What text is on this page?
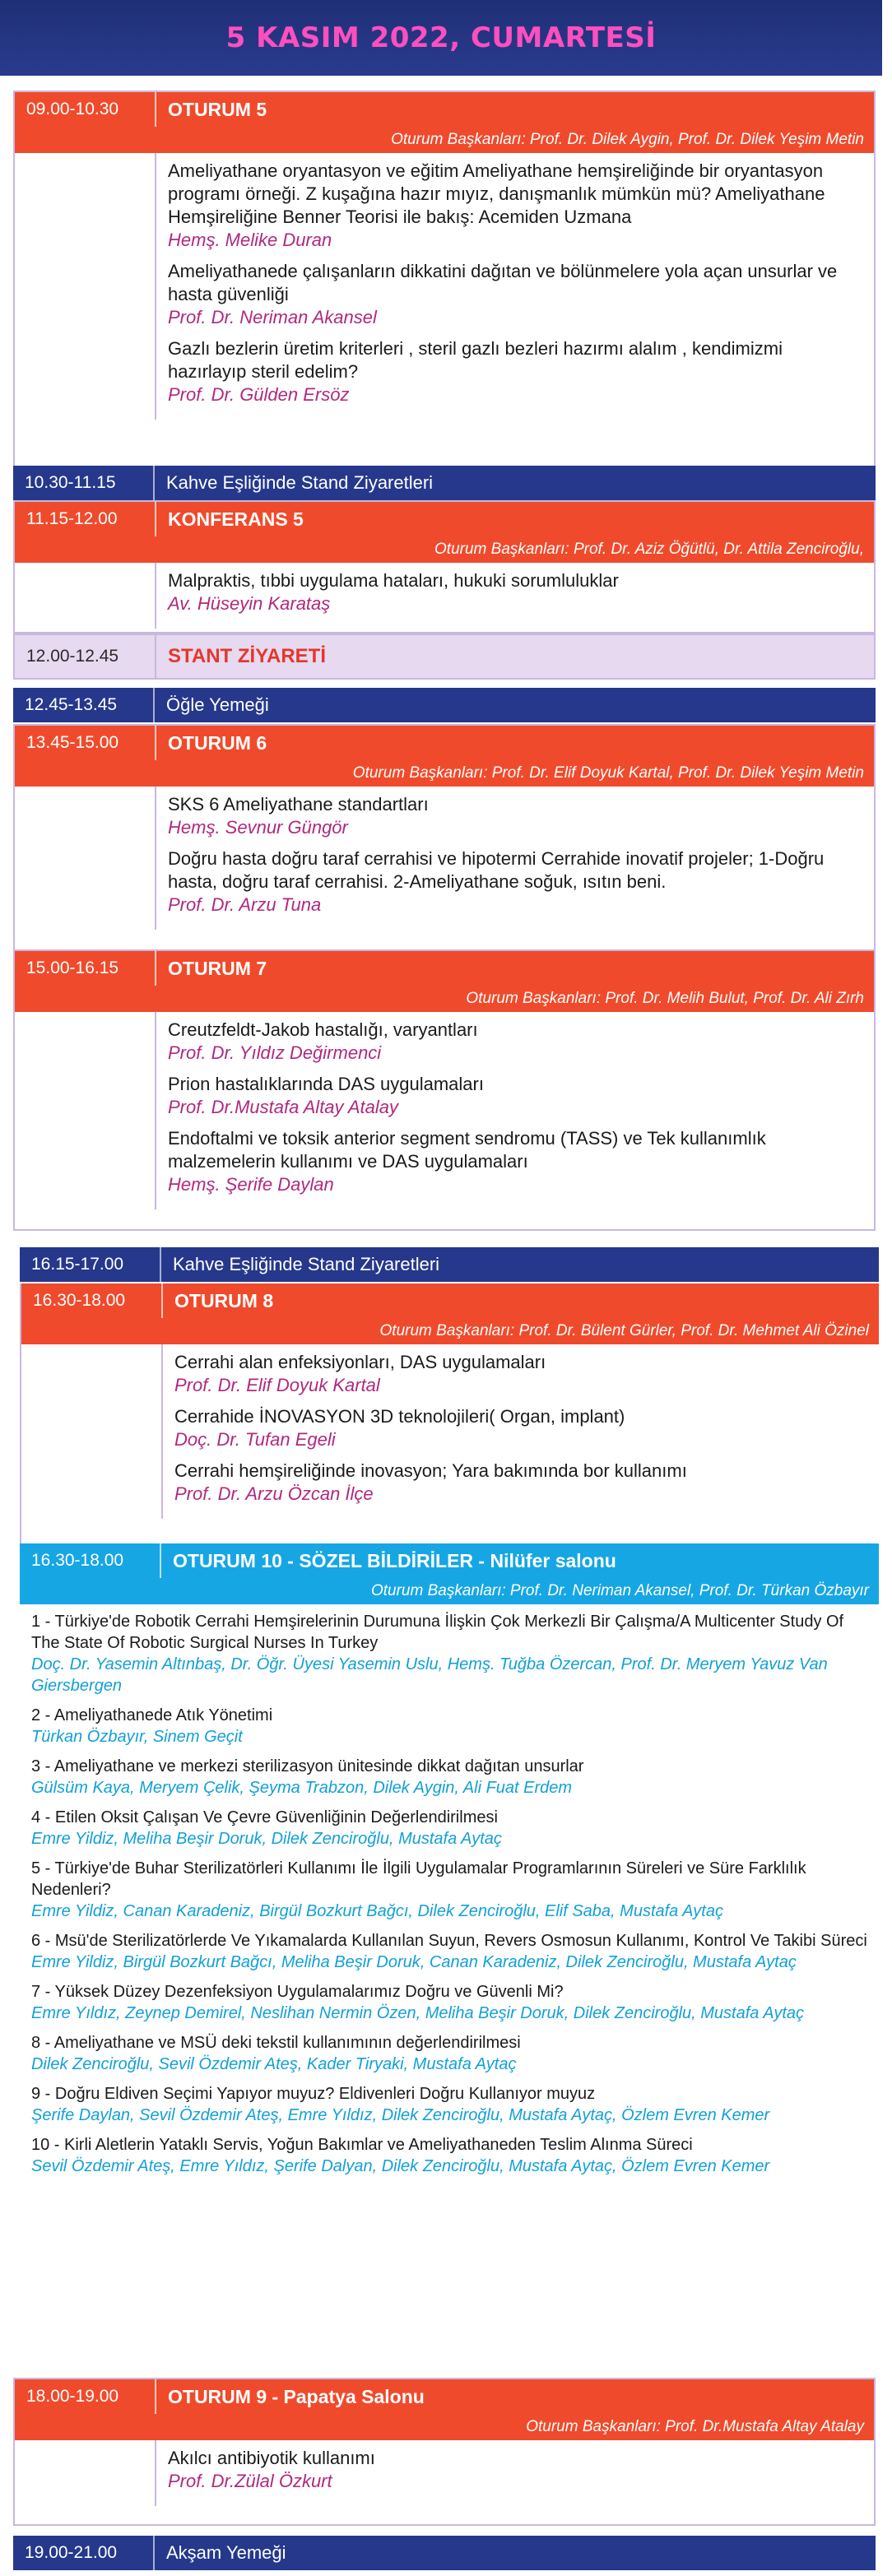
5 KASIM 2022, CUMARTESİ
09.00-10.30	OTURUM 5
Oturum Başkanları: Prof. Dr. Dilek Aygin, Prof. Dr. Dilek Yeşim Metin
Ameliyathane oryantasyon ve eğitim Ameliyathane hemşireliğinde bir oryantasyon programı örneği. Z kuşağına hazır mıyız, danışmanlık mümkün mü? Ameliyathane Hemşireliğine Benner Teorisi ile bakış: Acemiden Uzmana
Hemş. Melike Duran
Ameliyathanede çalışanların dikkatini dağıtan ve bölünmelere yola açan unsurlar ve hasta güvenliği
Prof. Dr. Neriman Akansel
Gazlı bezlerin üretim kriterleri , steril gazlı bezleri hazırmı alalım , kendimizmi hazırlayıp steril edelim?
Prof. Dr. Gülden Ersöz
10.30-11.15	Kahve Eşliğinde Stand Ziyaretleri
11.15-12.00	KONFERANS 5
Oturum Başkanları: Prof. Dr. Aziz Öğütlü, Dr. Attila Zenciroğlu,
Malpraktis, tıbbi uygulama hataları, hukuki sorumluluklar
Av. Hüseyin Karataş
12.00-12.45	STANT ZİYARETİ
12.45-13.45	Öğle Yemeği
13.45-15.00	OTURUM 6
Oturum Başkanları: Prof. Dr. Elif Doyuk Kartal, Prof. Dr. Dilek Yeşim Metin
SKS 6 Ameliyathane standartları
Hemş. Sevnur Güngör
Doğru hasta doğru taraf cerrahisi ve hipotermi Cerrahide inovatif projeler; 1-Doğru hasta, doğru taraf cerrahisi. 2-Ameliyathane soğuk, ısıtın beni.
Prof. Dr. Arzu Tuna
15.00-16.15	OTURUM 7
Oturum Başkanları: Prof. Dr. Melih Bulut, Prof. Dr. Ali Zırh
Creutzfeldt-Jakob hastalığı, varyantları
Prof. Dr. Yıldız Değirmenci
Prion hastalıklarında DAS uygulamaları
Prof. Dr.Mustafa Altay Atalay
Endoftalmi ve toksik anterior segment sendromu (TASS) ve Tek kullanımlık malzemelerin kullanımı ve DAS uygulamaları
Hemş. Şerife Daylan
16.15-17.00	Kahve Eşliğinde Stand Ziyaretleri
16.30-18.00	OTURUM 8
Oturum Başkanları: Prof. Dr. Bülent Gürler, Prof. Dr. Mehmet Ali Özinel
Cerrahi alan enfeksiyonları, DAS uygulamaları
Prof. Dr. Elif Doyuk Kartal
Cerrahide İNOVASYON 3D teknolojileri( Organ, implant)
Doç. Dr. Tufan Egeli
Cerrahi hemşireliğinde inovasyon; Yara bakımında bor kullanımı
Prof. Dr. Arzu Özcan İlçe
16.30-18.00	OTURUM 10 - SÖZEL BİLDİRİLER - Nilüfer salonu
Oturum Başkanları: Prof. Dr. Neriman Akansel, Prof. Dr. Türkan Özbayır
1 - Türkiye'de Robotik Cerrahi Hemşirelerinin Durumuna İlişkin Çok Merkezli Bir Çalışma/A Multicenter Study Of The State Of Robotic Surgical Nurses In Turkey
Doç. Dr. Yasemin Altınbaş, Dr. Öğr. Üyesi Yasemin Uslu, Hemş. Tuğba Özercan, Prof. Dr. Meryem Yavuz Van Giersbergen
2 - Ameliyathanede Atık Yönetimi
Türkan Özbayır, Sinem Geçit
3 - Ameliyathane ve merkezi sterilizasyon ünitesinde dikkat dağıtan unsurlar
Gülsüm Kaya, Meryem Çelik, Şeyma Trabzon, Dilek Aygin, Ali Fuat Erdem
4 - Etilen Oksit Çalışan Ve Çevre Güvenliğinin Değerlendirilmesi
Emre Yildiz, Meliha Beşir Doruk, Dilek Zenciroğlu, Mustafa Aytaç
5 - Türkiye'de Buhar Sterilizatörleri Kullanımı İle İlgili Uygulamalar Programlarının Süreleri ve Süre Farklılık Nedenleri?
Emre Yildiz, Canan Karadeniz, Birgül Bozkurt Bağcı, Dilek Zenciroğlu, Elif Saba, Mustafa Aytaç
6 - Msü'de Sterilizatörlerde Ve Yıkamalarda Kullanılan Suyun, Revers Osmosun Kullanımı, Kontrol Ve Takibi Süreci
Emre Yildiz, Birgül Bozkurt Bağcı, Meliha Beşir Doruk, Canan Karadeniz, Dilek Zenciroğlu, Mustafa Aytaç
7 - Yüksek Düzey Dezenfeksiyon Uygulamalarımız Doğru ve Güvenli Mi?
Emre Yıldız, Zeynep Demirel, Neslihan Nermin Özen, Meliha Beşir Doruk, Dilek Zenciroğlu, Mustafa Aytaç
8 - Ameliyathane ve MSÜ deki tekstil kullanımının değerlendirilmesi
Dilek Zenciroğlu, Sevil Özdemir Ateş, Kader Tiryaki, Mustafa Aytaç
9 - Doğru Eldiven Seçimi Yapıyor muyuz? Eldivenleri Doğru Kullanıyor muyuz
Şerife Daylan, Sevil Özdemir Ateş, Emre Yıldız, Dilek Zenciroğlu, Mustafa Aytaç, Özlem Evren Kemer
10 - Kirli Aletlerin Yataklı Servis, Yoğun Bakımlar ve Ameliyathaneden Teslim Alınma Süreci
Sevil Özdemir Ateş, Emre Yıldız, Şerife Dalyan, Dilek Zenciroğlu, Mustafa Aytaç, Özlem Evren Kemer
18.00-19.00	OTURUM 9 - Papatya Salonu
Oturum Başkanları: Prof. Dr.Mustafa Altay Atalay
Akılcı antibiyotik kullanımı
Prof. Dr.Zülal Özkurt
19.00-21.00	Akşam Yemeği
